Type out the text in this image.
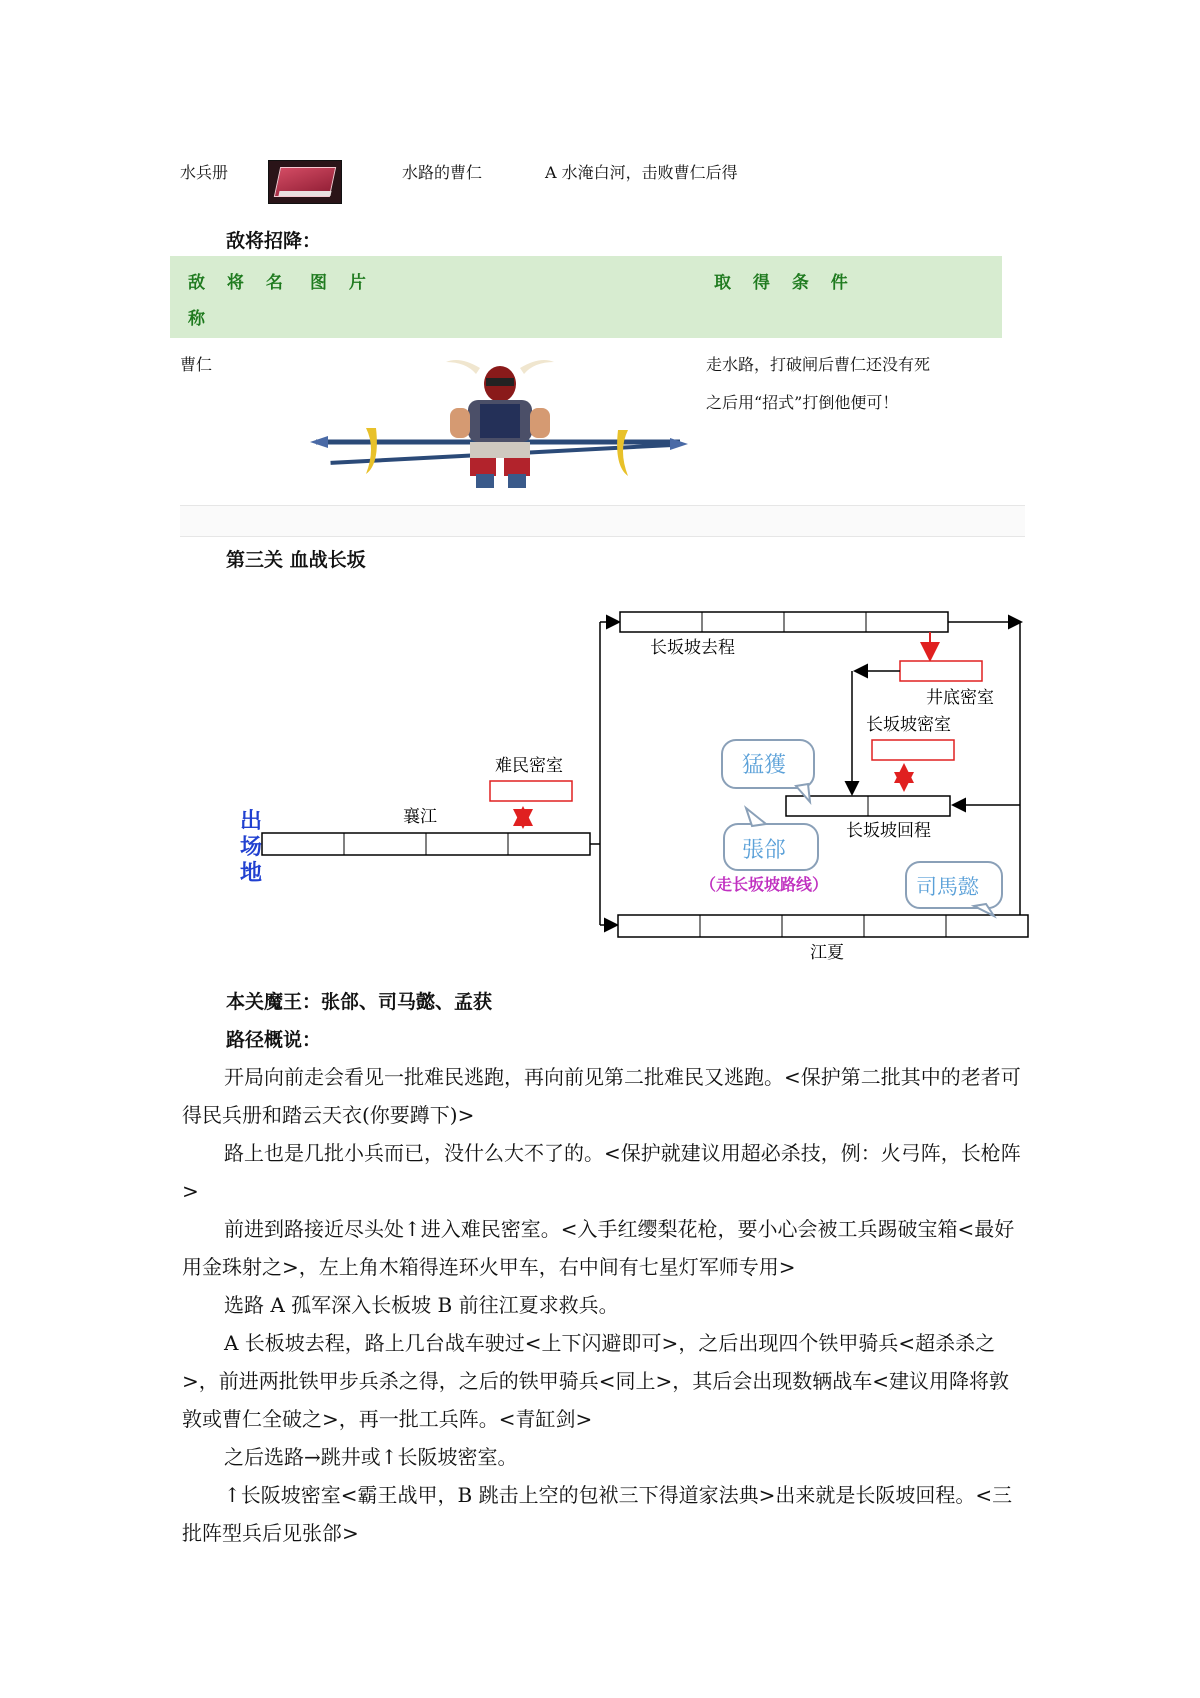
水兵册	水路的曹仁	A 水淹白河，击败曹仁后得
敌将招降：
敌 将 名
称
图 片	取 得 条 件
曹仁	走水路，打破闸后曹仁还没有死
之后用“招式”打倒他便可！
第三关 血战长坂
出
场
地
襄江
难民密室
长坂坡去程
井底密室
长坂坡密室
长坂坡回程
江夏
猛獲
張郃
（走长坂坡路线）	司馬懿
本关魔王：张郃、司马懿、孟获
路径概说：

开局向前走会看见一批难民逃跑，再向前见第二批难民又逃跑。<保护第二批其中的老者可得民兵册和踏云天衣(你要蹲下)>

路上也是几批小兵而已，没什么大不了的。<保护就建议用超必杀技，例：火弓阵，长枪阵>

前进到路接近尽头处↑进入难民密室。<入手红缨梨花枪，要小心会被工兵踢破宝箱<最好用金珠射之>，左上角木箱得连环火甲车，右中间有七星灯军师专用>

选路 A 孤军深入长板坡 B 前往江夏求救兵。

A 长板坡去程，路上几台战车驶过<上下闪避即可>，之后出现四个铁甲骑兵<超杀杀之>，前进两批铁甲步兵杀之得，之后的铁甲骑兵<同上>，其后会出现数辆战车<建议用降将敦敦或曹仁全破之>，再一批工兵阵。<青缸剑>

之后选路→跳井或↑长阪坡密室。

↑长阪坡密室<霸王战甲，B 跳击上空的包袱三下得道家法典>出来就是长阪坡回程。<三批阵型兵后见张郃>
